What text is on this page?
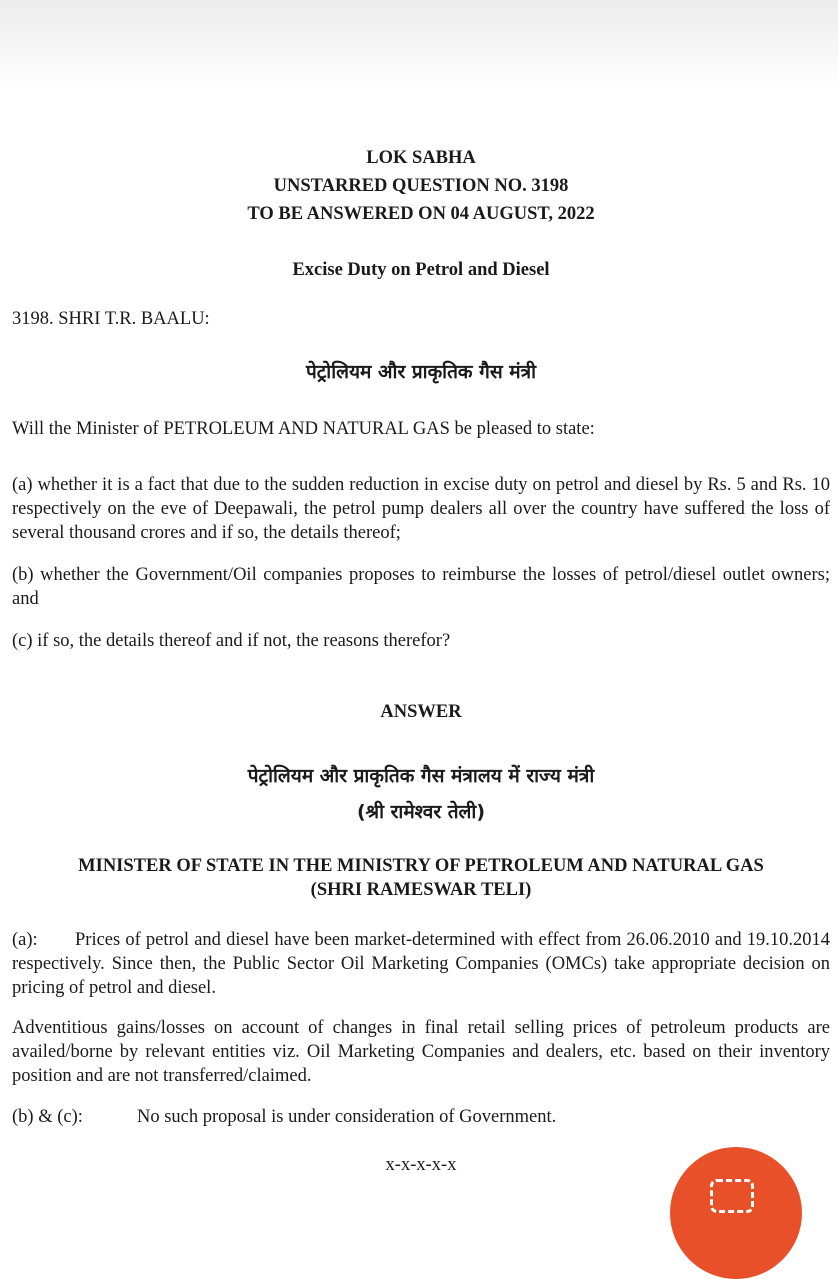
LOK SABHA
UNSTARRED QUESTION NO. 3198
TO BE ANSWERED ON 04 AUGUST, 2022
Excise Duty on Petrol and Diesel
3198. SHRI T.R. BAALU:
पेट्रोलियम और प्राकृतिक गैस मंत्री
Will the Minister of PETROLEUM AND NATURAL GAS be pleased to state:
(a) whether it is a fact that due to the sudden reduction in excise duty on petrol and diesel by Rs. 5 and Rs. 10 respectively on the eve of Deepawali, the petrol pump dealers all over the country have suffered the loss of several thousand crores and if so, the details thereof;
(b) whether the Government/Oil companies proposes to reimburse the losses of petrol/diesel outlet owners; and
(c) if so, the details thereof and if not, the reasons therefor?
ANSWER
पेट्रोलियम और प्राकृतिक गैस मंत्रालय में राज्य मंत्री
(श्री रामेश्वर तेली)
MINISTER OF STATE IN THE MINISTRY OF PETROLEUM AND NATURAL GAS
(SHRI RAMESWAR TELI)
(a): Prices of petrol and diesel have been market-determined with effect from 26.06.2010 and 19.10.2014 respectively. Since then, the Public Sector Oil Marketing Companies (OMCs) take appropriate decision on pricing of petrol and diesel.
Adventitious gains/losses on account of changes in final retail selling prices of petroleum products are availed/borne by relevant entities viz. Oil Marketing Companies and dealers, etc. based on their inventory position and are not transferred/claimed.
(b) & (c):	No such proposal is under consideration of Government.
x-x-x-x-x
